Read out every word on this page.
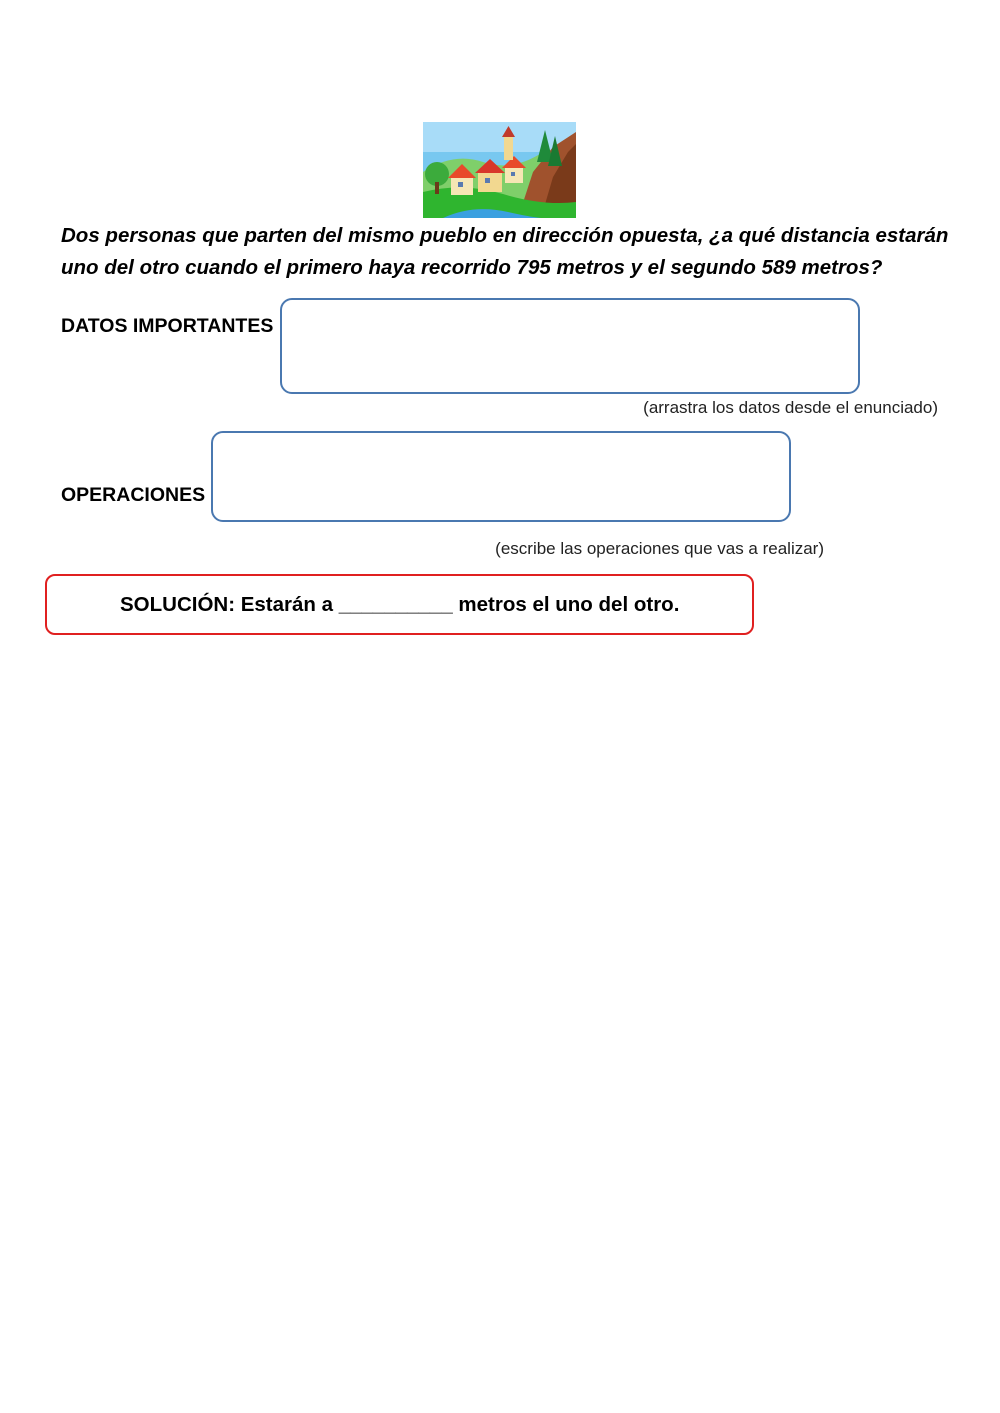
Dos personas que parten del mismo pueblo en dirección opuesta, ¿a qué distancia estarán uno del otro cuando el primero haya recorrido 795 metros y el segundo 589 metros?

DATOS IMPORTANTES
(arrastra los datos desde el enunciado)
OPERACIONES
(escribe las operaciones que vas a realizar)
SOLUCIÓN: Estarán a __________ metros el uno del otro.
